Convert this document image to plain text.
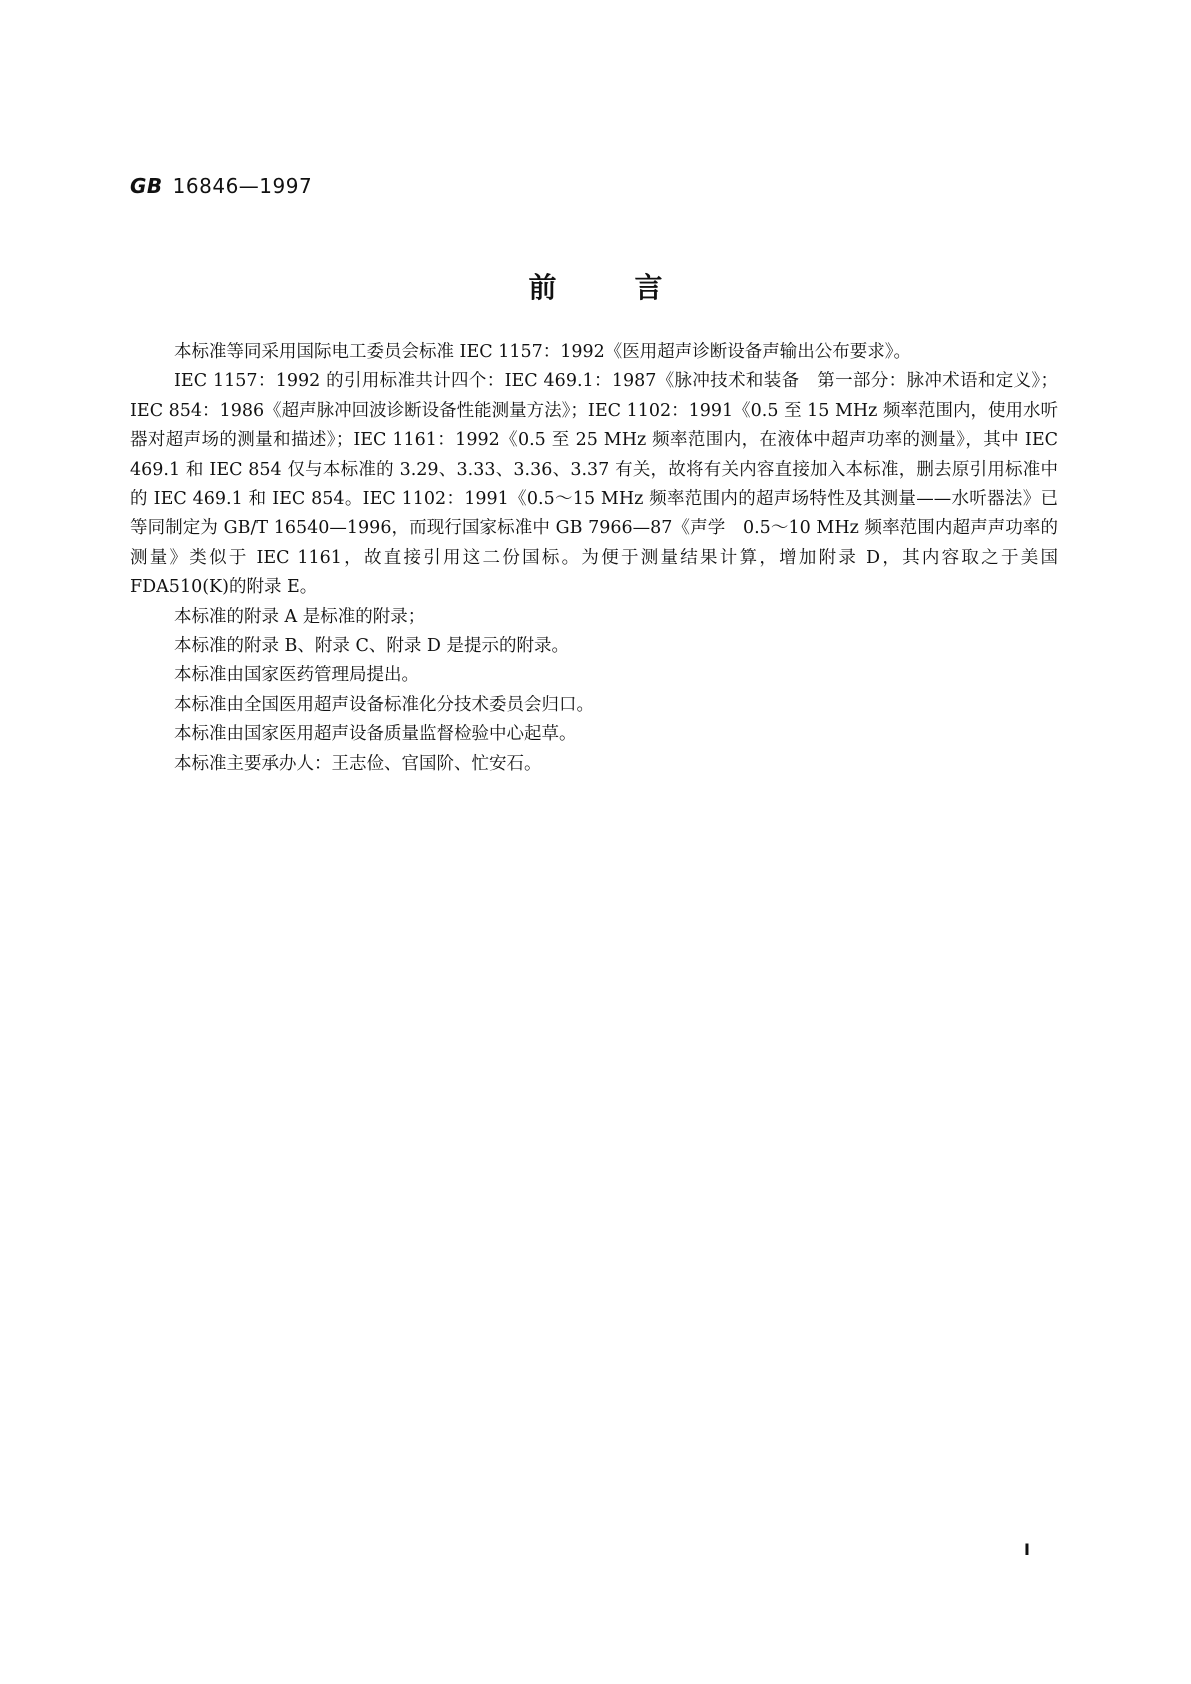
GB 16846—1997
前言

本标准等同采用国际电工委员会标准 IEC 1157：1992《医用超声诊断设备声输出公布要求》。

IEC 1157：1992 的引用标准共计四个：IEC 469.1：1987《脉冲技术和装备　第一部分：脉冲术语和定义》；IEC 854：1986《超声脉冲回波诊断设备性能测量方法》；IEC 1102：1991《0.5 至 15 MHz 频率范围内，使用水听器对超声场的测量和描述》；IEC 1161：1992《0.5 至 25 MHz 频率范围内，在液体中超声功率的测量》，其中 IEC 469.1 和 IEC 854 仅与本标准的 3.29、3.33、3.36、3.37 有关，故将有关内容直接加入本标准，删去原引用标准中的 IEC 469.1 和 IEC 854。IEC 1102：1991《0.5～15 MHz 频率范围内的超声场特性及其测量——水听器法》已等同制定为 GB/T 16540—1996，而现行国家标准中 GB 7966—87《声学　0.5～10 MHz 频率范围内超声声功率的测量》类似于 IEC 1161，故直接引用这二份国标。为便于测量结果计算，增加附录 D，其内容取之于美国 FDA510(K)的附录 E。

本标准的附录 A 是标准的附录；

本标准的附录 B、附录 C、附录 D 是提示的附录。

本标准由国家医药管理局提出。

本标准由全国医用超声设备标准化分技术委员会归口。

本标准由国家医用超声设备质量监督检验中心起草。

本标准主要承办人：王志俭、官国阶、忙安石。

I
